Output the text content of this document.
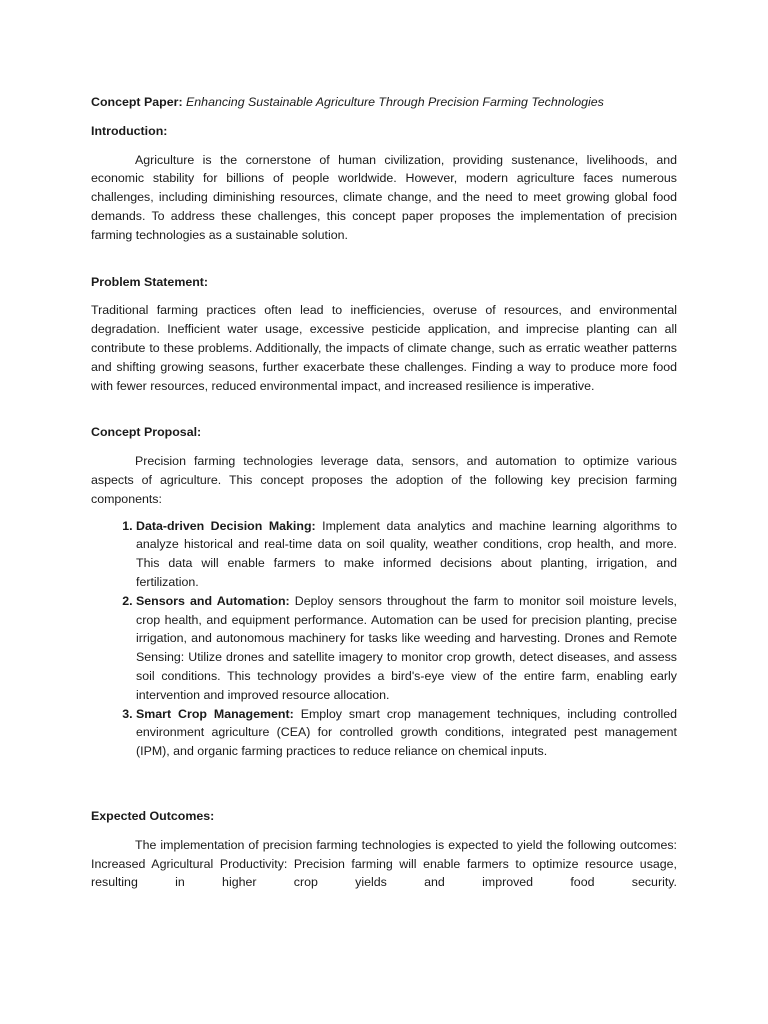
Concept Paper: Enhancing Sustainable Agriculture Through Precision Farming Technologies
Introduction:

Agriculture is the cornerstone of human civilization, providing sustenance, livelihoods, and economic stability for billions of people worldwide. However, modern agriculture faces numerous challenges, including diminishing resources, climate change, and the need to meet growing global food demands. To address these challenges, this concept paper proposes the implementation of precision farming technologies as a sustainable solution.

Problem Statement:

Traditional farming practices often lead to inefficiencies, overuse of resources, and environmental degradation. Inefficient water usage, excessive pesticide application, and imprecise planting can all contribute to these problems. Additionally, the impacts of climate change, such as erratic weather patterns and shifting growing seasons, further exacerbate these challenges. Finding a way to produce more food with fewer resources, reduced environmental impact, and increased resilience is imperative.

Concept Proposal:

Precision farming technologies leverage data, sensors, and automation to optimize various aspects of agriculture. This concept proposes the adoption of the following key precision farming components:

1. Data-driven Decision Making: Implement data analytics and machine learning algorithms to analyze historical and real-time data on soil quality, weather conditions, crop health, and more. This data will enable farmers to make informed decisions about planting, irrigation, and fertilization.
2. Sensors and Automation: Deploy sensors throughout the farm to monitor soil moisture levels, crop health, and equipment performance. Automation can be used for precision planting, precise irrigation, and autonomous machinery for tasks like weeding and harvesting. Drones and Remote Sensing: Utilize drones and satellite imagery to monitor crop growth, detect diseases, and assess soil conditions. This technology provides a bird's-eye view of the entire farm, enabling early intervention and improved resource allocation.
3. Smart Crop Management: Employ smart crop management techniques, including controlled environment agriculture (CEA) for controlled growth conditions, integrated pest management (IPM), and organic farming practices to reduce reliance on chemical inputs.
Expected Outcomes:

The implementation of precision farming technologies is expected to yield the following outcomes: Increased Agricultural Productivity: Precision farming will enable farmers to optimize resource usage, resulting in higher crop yields and improved food security.
